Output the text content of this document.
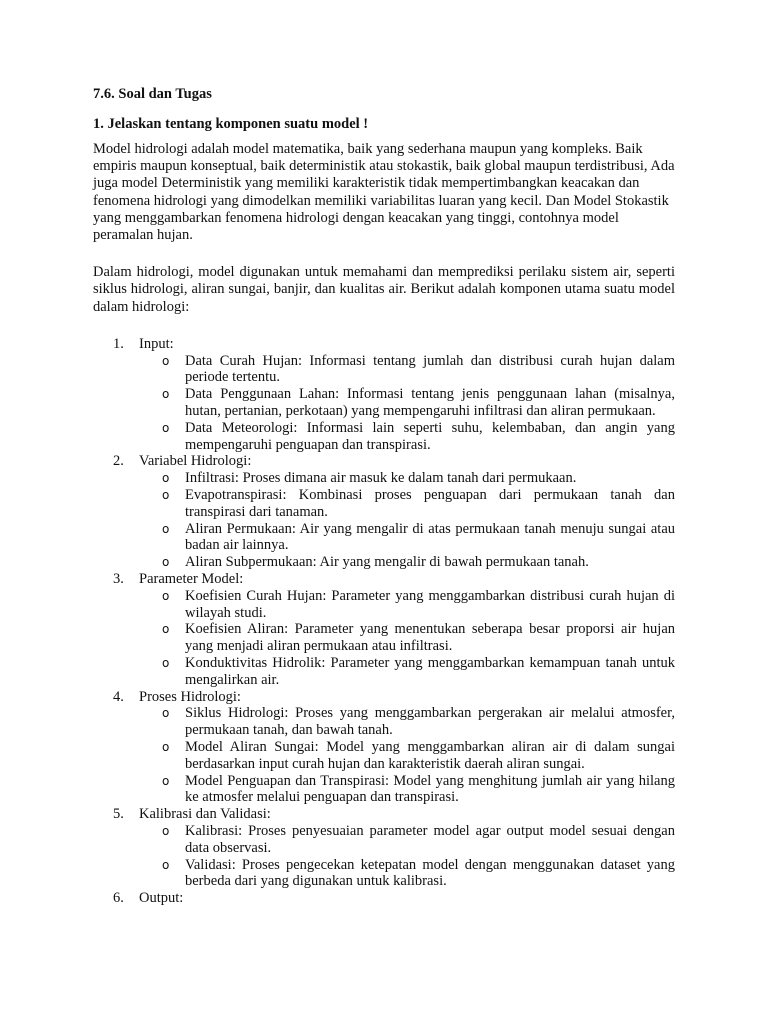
7.6. Soal dan Tugas
1. Jelaskan tentang komponen suatu model !

Model hidrologi adalah model matematika, baik yang sederhana maupun yang kompleks. Baik empiris maupun konseptual, baik deterministik atau stokastik, baik global maupun terdistribusi, Ada juga model Deterministik yang memiliki karakteristik tidak mempertimbangkan keacakan dan fenomena hidrologi yang dimodelkan memiliki variabilitas luaran yang kecil. Dan Model Stokastik yang menggambarkan fenomena hidrologi dengan keacakan yang tinggi, contohnya model peramalan hujan.

Dalam hidrologi, model digunakan untuk memahami dan memprediksi perilaku sistem air, seperti siklus hidrologi, aliran sungai, banjir, dan kualitas air. Berikut adalah komponen utama suatu model dalam hidrologi:

1. Input:
o Data Curah Hujan: Informasi tentang jumlah dan distribusi curah hujan dalam periode tertentu.
o Data Penggunaan Lahan: Informasi tentang jenis penggunaan lahan (misalnya, hutan, pertanian, perkotaan) yang mempengaruhi infiltrasi dan aliran permukaan.
o Data Meteorologi: Informasi lain seperti suhu, kelembaban, dan angin yang mempengaruhi penguapan dan transpirasi.
2. Variabel Hidrologi:
o Infiltrasi: Proses dimana air masuk ke dalam tanah dari permukaan.
o Evapotranspirasi: Kombinasi proses penguapan dari permukaan tanah dan transpirasi dari tanaman.
o Aliran Permukaan: Air yang mengalir di atas permukaan tanah menuju sungai atau badan air lainnya.
o Aliran Subpermukaan: Air yang mengalir di bawah permukaan tanah.
3. Parameter Model:
o Koefisien Curah Hujan: Parameter yang menggambarkan distribusi curah hujan di wilayah studi.
o Koefisien Aliran: Parameter yang menentukan seberapa besar proporsi air hujan yang menjadi aliran permukaan atau infiltrasi.
o Konduktivitas Hidrolik: Parameter yang menggambarkan kemampuan tanah untuk mengalirkan air.
4. Proses Hidrologi:
o Siklus Hidrologi: Proses yang menggambarkan pergerakan air melalui atmosfer, permukaan tanah, dan bawah tanah.
o Model Aliran Sungai: Model yang menggambarkan aliran air di dalam sungai berdasarkan input curah hujan dan karakteristik daerah aliran sungai.
o Model Penguapan dan Transpirasi: Model yang menghitung jumlah air yang hilang ke atmosfer melalui penguapan dan transpirasi.
5. Kalibrasi dan Validasi:
o Kalibrasi: Proses penyesuaian parameter model agar output model sesuai dengan data observasi.
o Validasi: Proses pengecekan ketepatan model dengan menggunakan dataset yang berbeda dari yang digunakan untuk kalibrasi.
6. Output:
